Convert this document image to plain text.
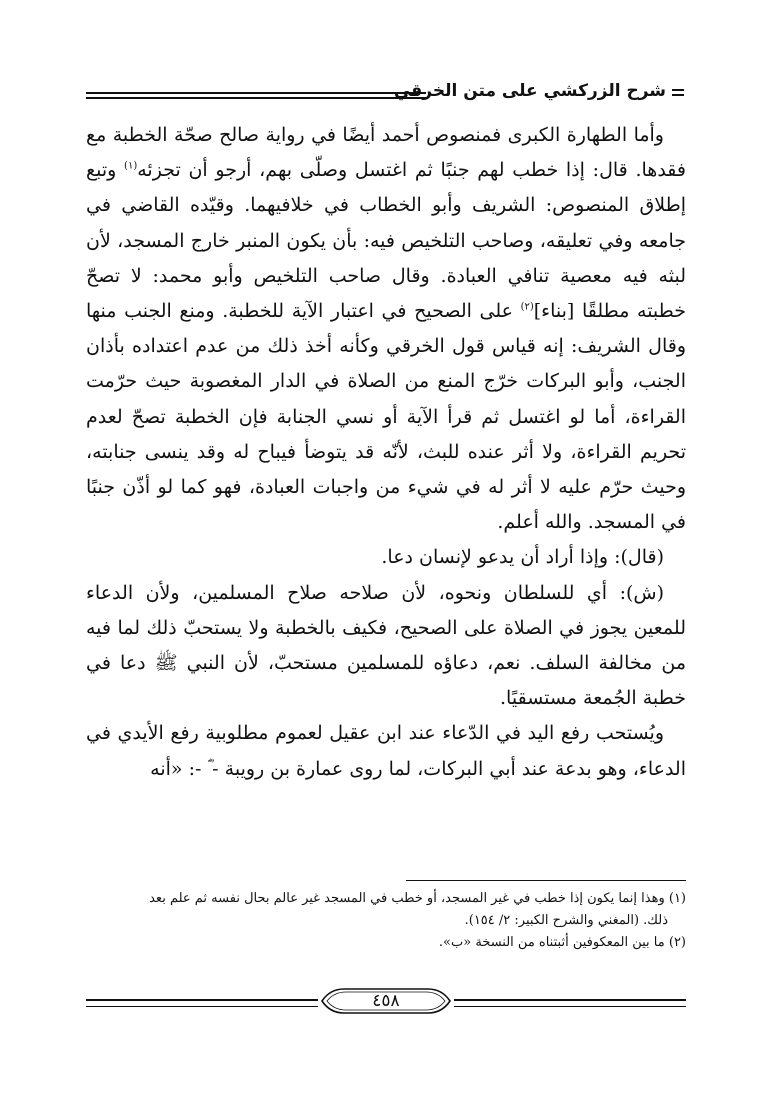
شرح الزركشي على متن الخرقي

وأما الطهارة الكبرى فمنصوص أحمد أيضًا في رواية صالح صحّة الخطبة مع فقدها. قال: إذا خطب لهم جنبًا ثم اغتسل وصلّى بهم، أرجو أن تجزئه$^{(١)}$ وتبع إطلاق المنصوص: الشريف وأبو الخطاب في خلافيهما. وقيّده القاضي في جامعه وفي تعليقه، وصاحب التلخيص فيه: بأن يكون المنبر خارج المسجد، لأن لبثه فيه معصية تنافي العبادة. وقال صاحب التلخيص وأبو محمد: لا تصحّ خطبته مطلقًا [بناء]$^{(٢)}$ على الصحيح في اعتبار الآية للخطبة. ومنع الجنب منها وقال الشريف: إنه قياس قول الخرقي وكأنه أخذ ذلك من عدم اعتداده بأذان الجنب، وأبو البركات خرّج المنع من الصلاة في الدار المغصوبة حيث حرّمت القراءة، أما لو اغتسل ثم قرأ الآية أو نسي الجنابة فإن الخطبة تصحّ لعدم تحريم القراءة، ولا أثر عنده للبث، لأنّه قد يتوضأ فيباح له وقد ينسى جنابته، وحيث حرّم عليه لا أثر له في شيء من واجبات العبادة، فهو كما لو أذّن جنبًا في المسجد. والله أعلم.

(قال): وإذا أراد أن يدعو لإنسان دعا.

(ش): أي للسلطان ونحوه، لأن صلاحه صلاح المسلمين، ولأن الدعاء للمعين يجوز في الصلاة على الصحيح، فكيف بالخطبة ولا يستحبّ ذلك لما فيه من مخالفة السلف. نعم، دعاؤه للمسلمين مستحبّ، لأن النبي ﷺ دعا في خطبة الجُمعة مستسقيًا.

ويُستحب رفع اليد في الدّعاء عند ابن عقيل لعموم مطلوبية رفع الأيدي في الدعاء، وهو بدعة عند أبي البركات، لما روى عمارة بن رويبة - ؓ -: «أنه

(١) وهذا إنما يكون إذا خطب في غير المسجد، أو خطب في المسجد غير عالم بحال نفسه ثم علم بعد
ذلك. (المغني والشرح الكبير: ٢/ ١٥٤).

(٢) ما بين المعكوفين أثبتناه من النسخة «ب».

٤٥٨
